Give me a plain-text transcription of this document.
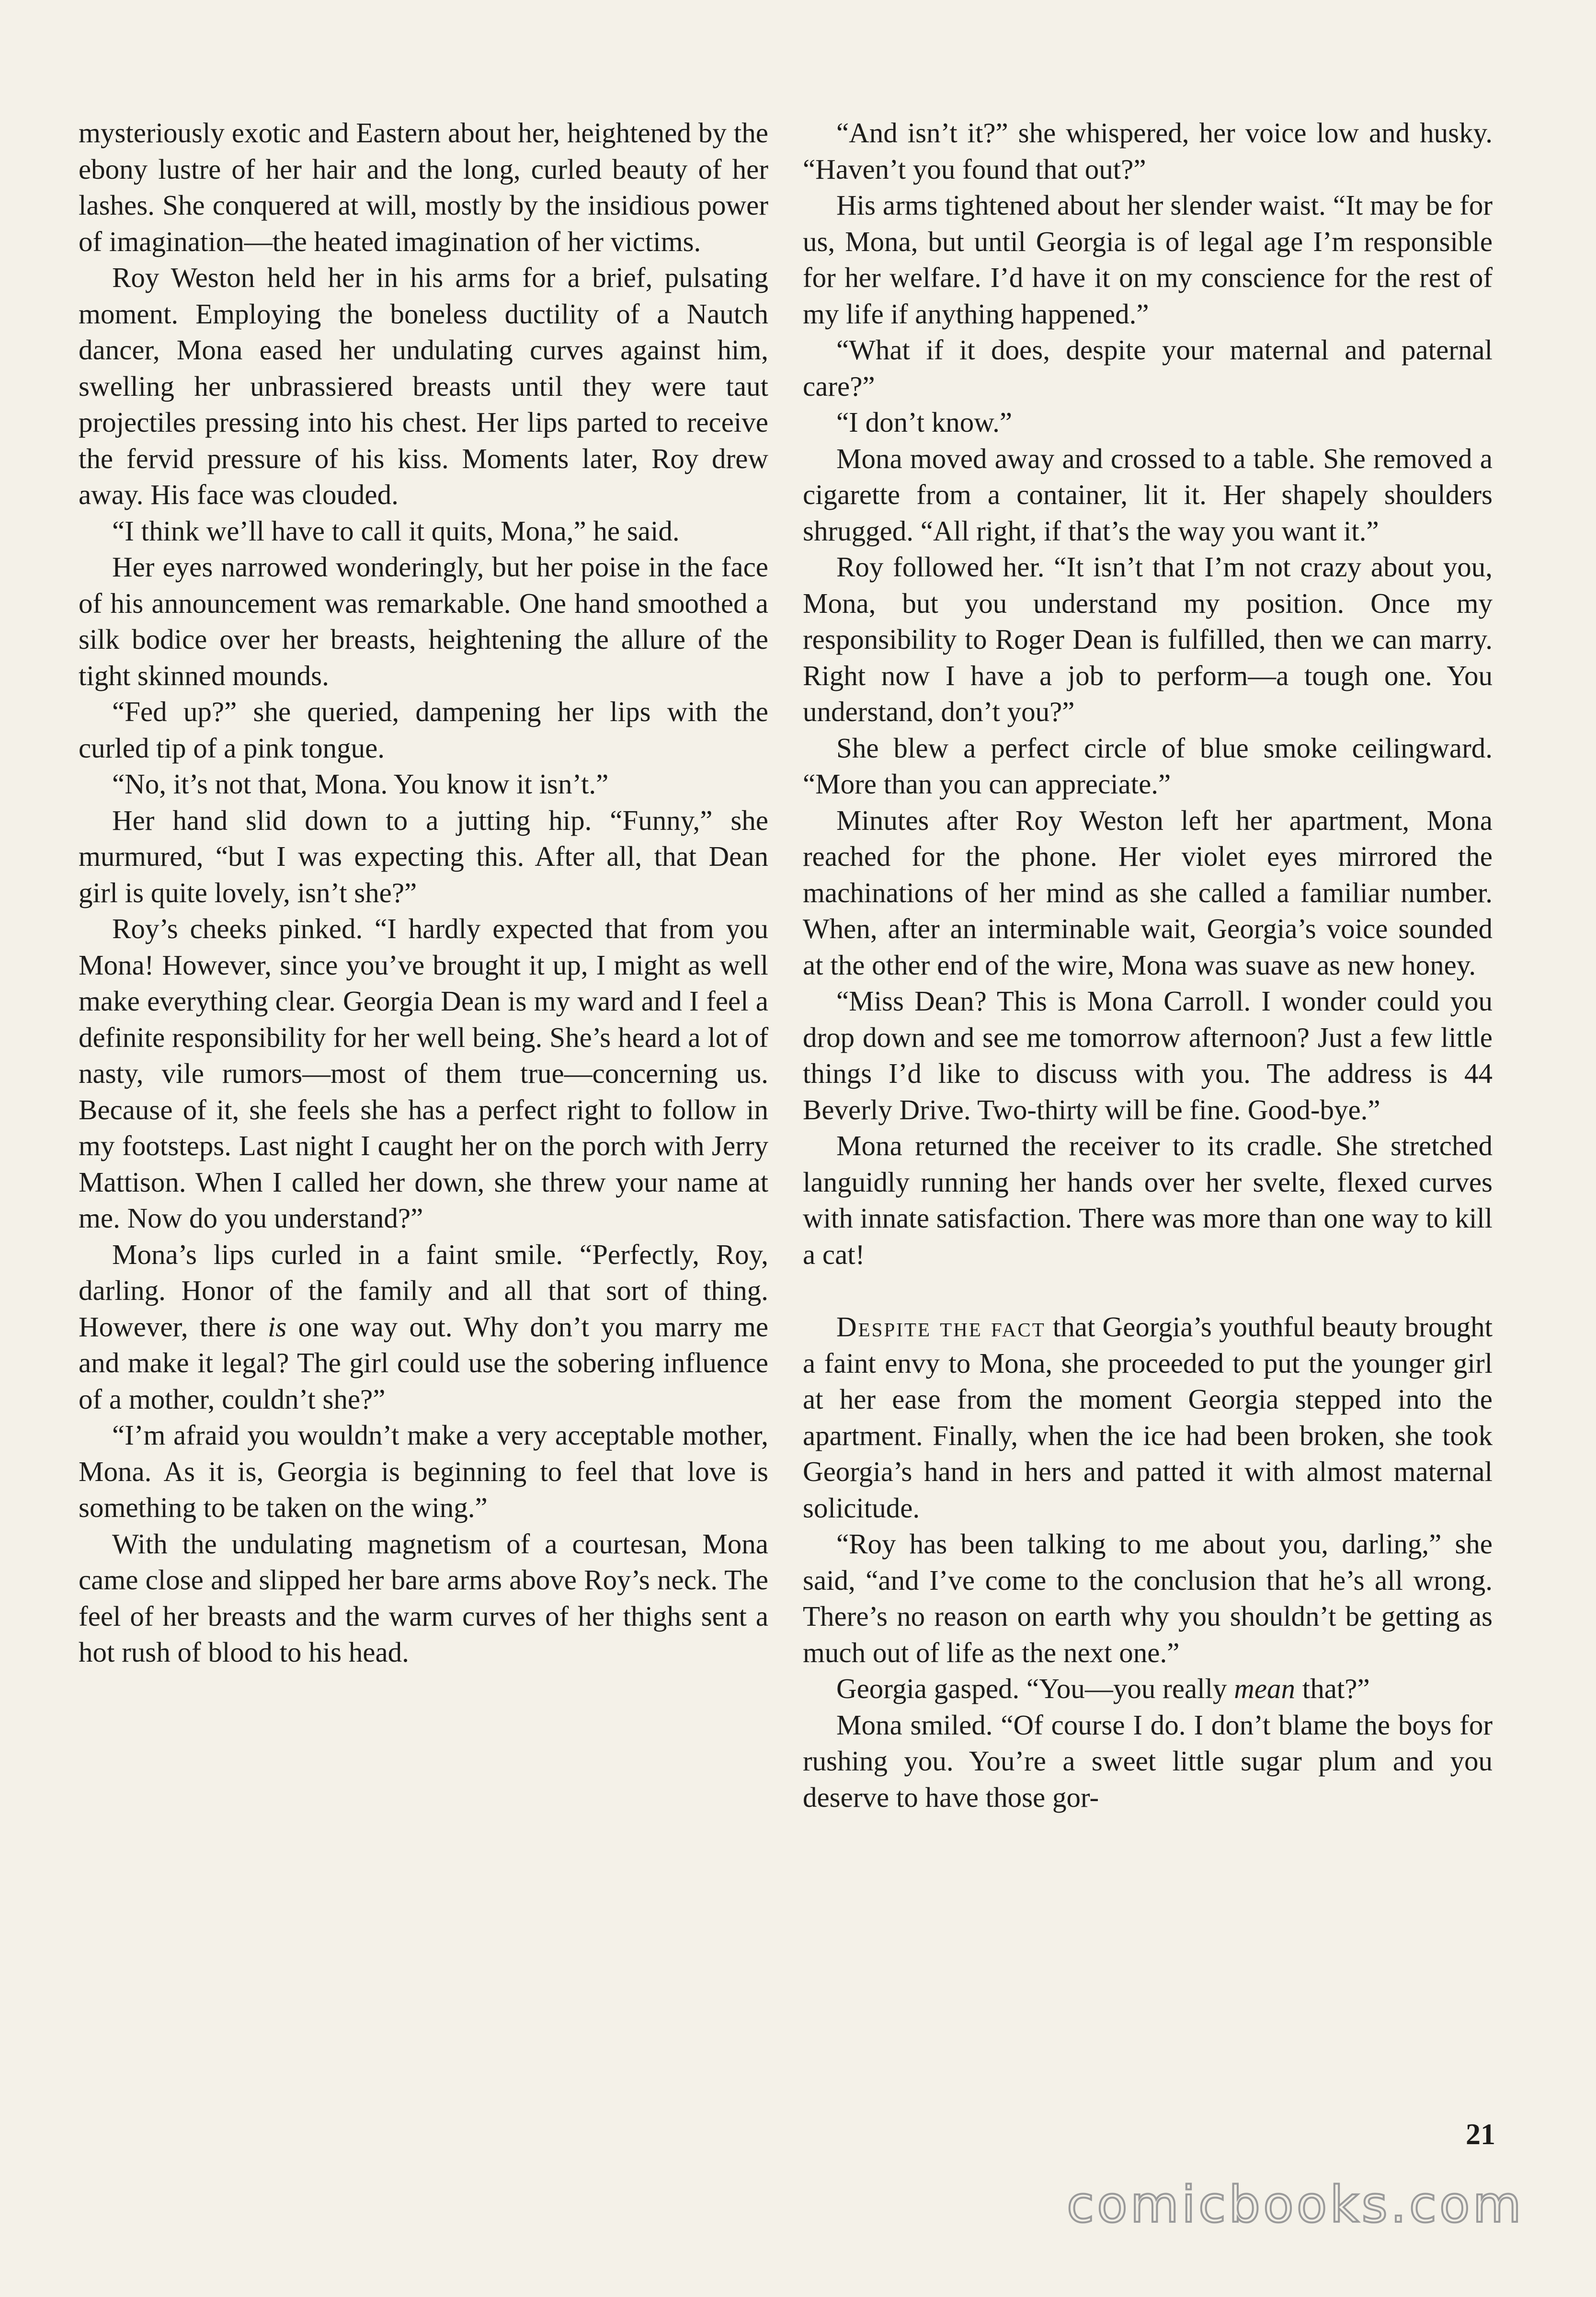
mysteriously exotic and Eastern about her, heightened by the ebony lustre of her hair and the long, curled beauty of her lashes. She conquered at will, mostly by the insidious power of imagination—the heated imagination of her victims.

Roy Weston held her in his arms for a brief, pulsating moment. Employing the boneless ductility of a Nautch dancer, Mona eased her undulating curves against him, swelling her unbrassiered breasts until they were taut projectiles pressing into his chest. Her lips parted to receive the fervid pressure of his kiss. Moments later, Roy drew away. His face was clouded.

“I think we’ll have to call it quits, Mona,” he said.

Her eyes narrowed wonderingly, but her poise in the face of his announcement was remarkable. One hand smoothed a silk bodice over her breasts, heightening the allure of the tight skinned mounds.

“Fed up?” she queried, dampening her lips with the curled tip of a pink tongue.

“No, it’s not that, Mona. You know it isn’t.”

Her hand slid down to a jutting hip. “Funny,” she murmured, “but I was expecting this. After all, that Dean girl is quite lovely, isn’t she?”

Roy’s cheeks pinked. “I hardly expected that from you Mona! However, since you’ve brought it up, I might as well make everything clear. Georgia Dean is my ward and I feel a definite responsibility for her well being. She’s heard a lot of nasty, vile rumors—most of them true—concerning us. Because of it, she feels she has a perfect right to follow in my footsteps. Last night I caught her on the porch with Jerry Mattison. When I called her down, she threw your name at me. Now do you understand?”

Mona’s lips curled in a faint smile. “Perfectly, Roy, darling. Honor of the family and all that sort of thing. However, there is one way out. Why don’t you marry me and make it legal? The girl could use the sobering influence of a mother, couldn’t she?”

“I’m afraid you wouldn’t make a very acceptable mother, Mona. As it is, Georgia is beginning to feel that love is something to be taken on the wing.”

With the undulating magnetism of a courtesan, Mona came close and slipped her bare arms above Roy’s neck. The feel of her breasts and the warm curves of her thighs sent a hot rush of blood to his head.

“And isn’t it?” she whispered, her voice low and husky. “Haven’t you found that out?”

His arms tightened about her slender waist. “It may be for us, Mona, but until Georgia is of legal age I’m responsible for her welfare. I’d have it on my conscience for the rest of my life if anything happened.”

“What if it does, despite your maternal and paternal care?”

“I don’t know.”

Mona moved away and crossed to a table. She removed a cigarette from a container, lit it. Her shapely shoulders shrugged. “All right, if that’s the way you want it.”

Roy followed her. “It isn’t that I’m not crazy about you, Mona, but you understand my position. Once my responsibility to Roger Dean is fulfilled, then we can marry. Right now I have a job to perform—a tough one. You understand, don’t you?”

She blew a perfect circle of blue smoke ceilingward. “More than you can appreciate.”

Minutes after Roy Weston left her apartment, Mona reached for the phone. Her violet eyes mirrored the machinations of her mind as she called a familiar number. When, after an interminable wait, Georgia’s voice sounded at the other end of the wire, Mona was suave as new honey.

“Miss Dean? This is Mona Carroll. I wonder could you drop down and see me tomorrow afternoon? Just a few little things I’d like to discuss with you. The address is 44 Beverly Drive. Two-thirty will be fine. Good-bye.”

Mona returned the receiver to its cradle. She stretched languidly running her hands over her svelte, flexed curves with innate satisfaction. There was more than one way to kill a cat!

Despite the fact that Georgia’s youthful beauty brought a faint envy to Mona, she proceeded to put the younger girl at her ease from the moment Georgia stepped into the apartment. Finally, when the ice had been broken, she took Georgia’s hand in hers and patted it with almost maternal solicitude.

“Roy has been talking to me about you, darling,” she said, “and I’ve come to the conclusion that he’s all wrong. There’s no reason on earth why you shouldn’t be getting as much out of life as the next one.”

Georgia gasped. “You—you really mean that?”

Mona smiled. “Of course I do. I don’t blame the boys for rushing you. You’re a sweet little sugar plum and you deserve to have those gor-

21
comicbooks.com
